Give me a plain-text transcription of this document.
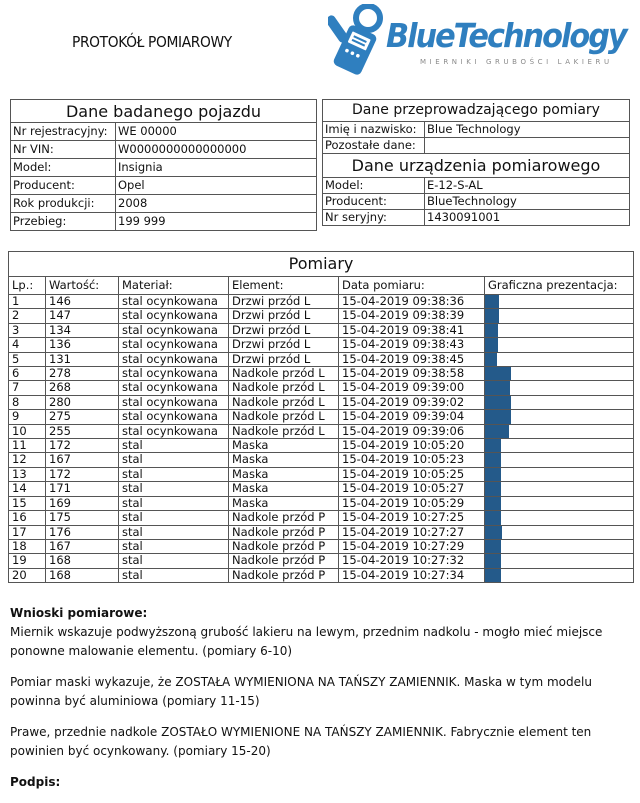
PROTOKÓŁ POMIAROWY	BlueTechnology
MIERNIKI GRUBOŚCI LAKIERU
Dane badanego pojazdu	
Nr rejestracyjny:	WE 00000
Nr VIN:	W0000000000000000
Model:	Insignia
Producent:	Opel
Rok produkcji:	2008
Przebieg:	199 999
Dane przeprowadzającego pomiary	
Imię i nazwisko:	Blue Technology
Pozostałe dane:	
Dane urządzenia pomiarowego	
Model:	E-12-S-AL
Producent:	BlueTechnology
Nr seryjny:	1430091001
Pomiary					
Lp.:	Wartość:	Materiał:	Element:	Data pomiaru:	Graficzna prezentacja:
1	146	stal ocynkowana	Drzwi przód L	15-04-2019 09:38:36	

2	147	stal ocynkowana	Drzwi przód L	15-04-2019 09:38:39	

3	134	stal ocynkowana	Drzwi przód L	15-04-2019 09:38:41	

4	136	stal ocynkowana	Drzwi przód L	15-04-2019 09:38:43	

5	131	stal ocynkowana	Drzwi przód L	15-04-2019 09:38:45	

6	278	stal ocynkowana	Nadkole przód L	15-04-2019 09:38:58	

7	268	stal ocynkowana	Nadkole przód L	15-04-2019 09:39:00	

8	280	stal ocynkowana	Nadkole przód L	15-04-2019 09:39:02	

9	275	stal ocynkowana	Nadkole przód L	15-04-2019 09:39:04	

10	255	stal ocynkowana	Nadkole przód L	15-04-2019 09:39:06	

11	172	stal	Maska	15-04-2019 10:05:20	

12	167	stal	Maska	15-04-2019 10:05:23	

13	172	stal	Maska	15-04-2019 10:05:25	

14	171	stal	Maska	15-04-2019 10:05:27	

15	169	stal	Maska	15-04-2019 10:05:29	

16	175	stal	Nadkole przód P	15-04-2019 10:27:25	

17	176	stal	Nadkole przód P	15-04-2019 10:27:27	

18	167	stal	Nadkole przód P	15-04-2019 10:27:29	

19	168	stal	Nadkole przód P	15-04-2019 10:27:32	

20	168	stal	Nadkole przód P	15-04-2019 10:27:34	

Wnioski pomiarowe:

Miernik wskazuje podwyższoną grubość lakieru na lewym, przednim nadkolu - mogło mieć miejsce ponowne malowanie elementu. (pomiary 6-10)

Pomiar maski wykazuje, że ZOSTAŁA WYMIENIONA NA TAŃSZY ZAMIENNIK. Maska w tym modelu powinna być aluminiowa (pomiary 11-15)

Prawe, przednie nadkole ZOSTAŁO WYMIENIONE NA TAŃSZY ZAMIENNIK. Fabrycznie element ten powinien być ocynkowany. (pomiary 15-20)

Podpis:
